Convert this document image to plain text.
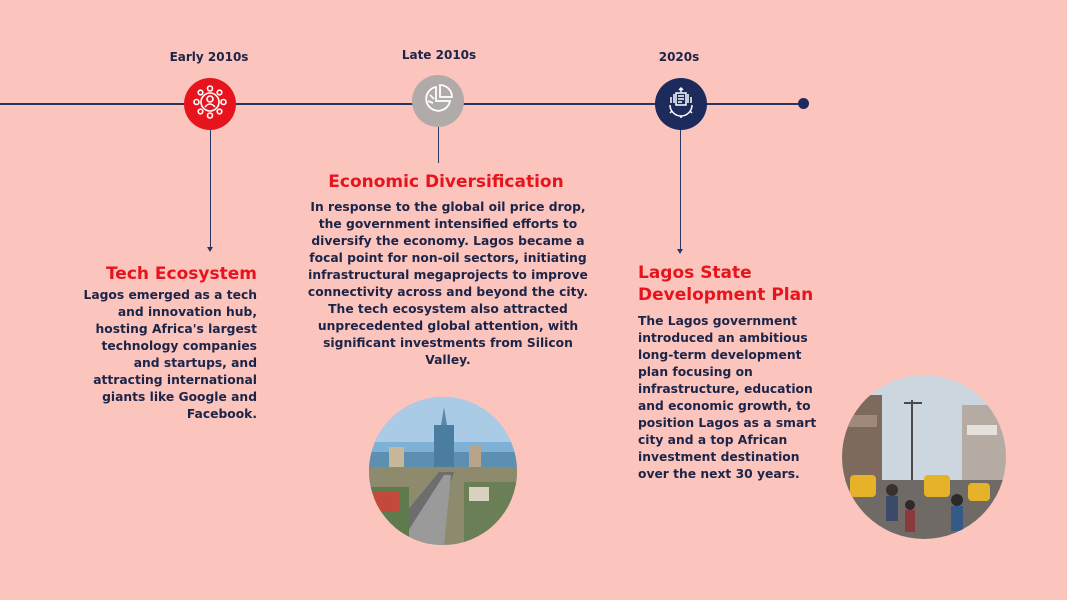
Early 2010s	Late 2010s	2020s
Tech Ecosystem
Lagos emerged as a tech and innovation hub, hosting Africa's largest technology companies and startups, and attracting international giants like Google and Facebook.
Economic Diversification
In response to the global oil price drop, the government intensified efforts to diversify the economy. Lagos became a focal point for non-oil sectors, initiating infrastructural megaprojects to improve connectivity across and beyond the city. The tech ecosystem also attracted unprecedented global attention, with significant investments from Silicon Valley.
Lagos State Development Plan
The Lagos government introduced an ambitious long-term development plan focusing on infrastructure, education and economic growth, to position Lagos as a smart city and a top African investment destination over the next 30 years.
